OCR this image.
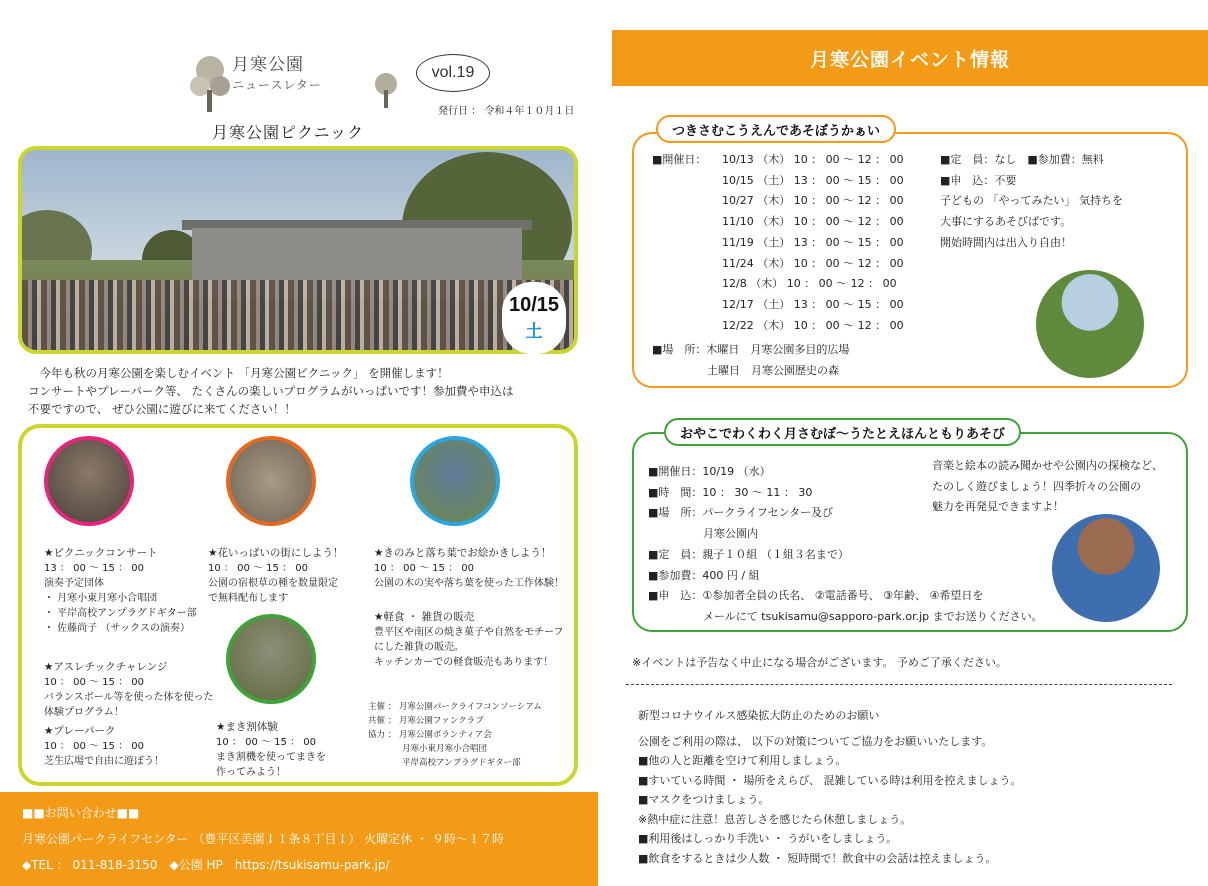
月寒公園
ニュースレター
vol.19
発行日 ： 令和４年１０月１日
月寒公園ピクニック
10/15
土
　今年も秋の月寒公園を楽しむイベント 「月寒公園ピクニック」 を開催します！
コンサートやプレーパーク等、 たくさんの楽しいプログラムがいっぱいです！参加費や申込は
不要ですので、 ぜひ公園に遊びに来てください！！
★ピクニックコンサート
13 ： 00 ～ 15 ： 00
演奏予定団体
・ 月寒小東月寒小合唱団
・ 平岸高校アンプラグドギター部
・ 佐藤尚子 （サックスの演奏）
★花いっぱいの街にしよう！
10 ： 00 ～ 15 ： 00
公園の宿根草の種を数量限定
で無料配布します
★きのみと落ち葉でお絵かきしよう！
10 ： 00 ～ 15 ： 00
公園の木の実や落ち葉を使った工作体験！
★軽食 ・ 雑貨の販売
豊平区や南区の焼き菓子や自然をモチーフ
にした雑貨の販売。
キッチンカーでの軽食販売もあります！
★アスレチックチャレンジ
10 ： 00 ～ 15 ： 00
バランスボール等を使った体を使った
体験プログラム！
★プレーパーク
10 ： 00 ～ 15 ： 00
芝生広場で自由に遊ぼう！
★まき割体験
10 ： 00 ～ 15 ： 00
まき割機を使ってまきを
作ってみよう！
主催 ： 月寒公園パークライフコンソーシアム
共催 ： 月寒公園ファンクラブ
協力 ： 月寒公園ボランティア会
　　　　月寒小東月寒小合唱団
　　　　平岸高校アンプラグドギター部
■■お問い合わせ■■
月寒公園パークライフセンター （豊平区美園１１条８丁目１） 火曜定休 ・ ９時～１７時
◆TEL ： 011-818-3150　◆公園 HP　https://tsukisamu-park.jp/
月寒公園イベント情報
つきさむこうえんであそぼうかぁい
■開催日： 10/13 （木） 10 ： 00 ～ 12 ： 00
10/15 （土） 13 ： 00 ～ 15 ： 00
10/27 （木） 10 ： 00 ～ 12 ： 00
11/10 （木） 10 ： 00 ～ 12 ： 00
11/19 （土） 13 ： 00 ～ 15 ： 00
11/24 （木） 10 ： 00 ～ 12 ： 00
12/8 （木） 10 ： 00 ～ 12 ： 00
12/17 （土） 13 ： 00 ～ 15 ： 00
12/22 （木） 10 ： 00 ～ 12 ： 00
■場　所：木曜日　月寒公園多目的広場
　　　　　土曜日　月寒公園歴史の森
■定　員：なし　■参加費：無料
■申　込：不要
子どもの 「やってみたい」 気持ちを
大事にするあそびばです。
開始時間内は出入り自由！
おやこでわくわく月さむぼ～うたとえほんともりあそび
■開催日：10/19 （水）
■時　間：10 ： 30 ～ 11 ： 30
■場　所：パークライフセンター及び
　　　　　月寒公園内
■定　員：親子１０組 （１組３名まで）
■参加費：400 円 / 組
■申　込：①参加者全員の氏名、 ②電話番号、 ③年齢、 ④希望日を
　　　　　メールにて tsukisamu@sapporo-park.or.jp までお送りください。
音楽と絵本の読み聞かせや公園内の探検など、
たのしく遊びましょう！四季折々の公園の
魅力を再発見できますよ！
※イベントは予告なく中止になる場合がございます。 予めご了承ください。
新型コロナウイルス感染拡大防止のためのお願い
公園をご利用の際は、 以下の対策についてご協力をお願いいたします。
■他の人と距離を空けて利用しましょう。
■すいている時間 ・ 場所をえらび、 混雑している時は利用を控えましょう。
■マスクをつけましょう。
※熱中症に注意！息苦しさを感じたら休憩しましょう。
■利用後はしっかり手洗い ・ うがいをしましょう。
■飲食をするときは少人数 ・ 短時間で！飲食中の会話は控えましょう。
